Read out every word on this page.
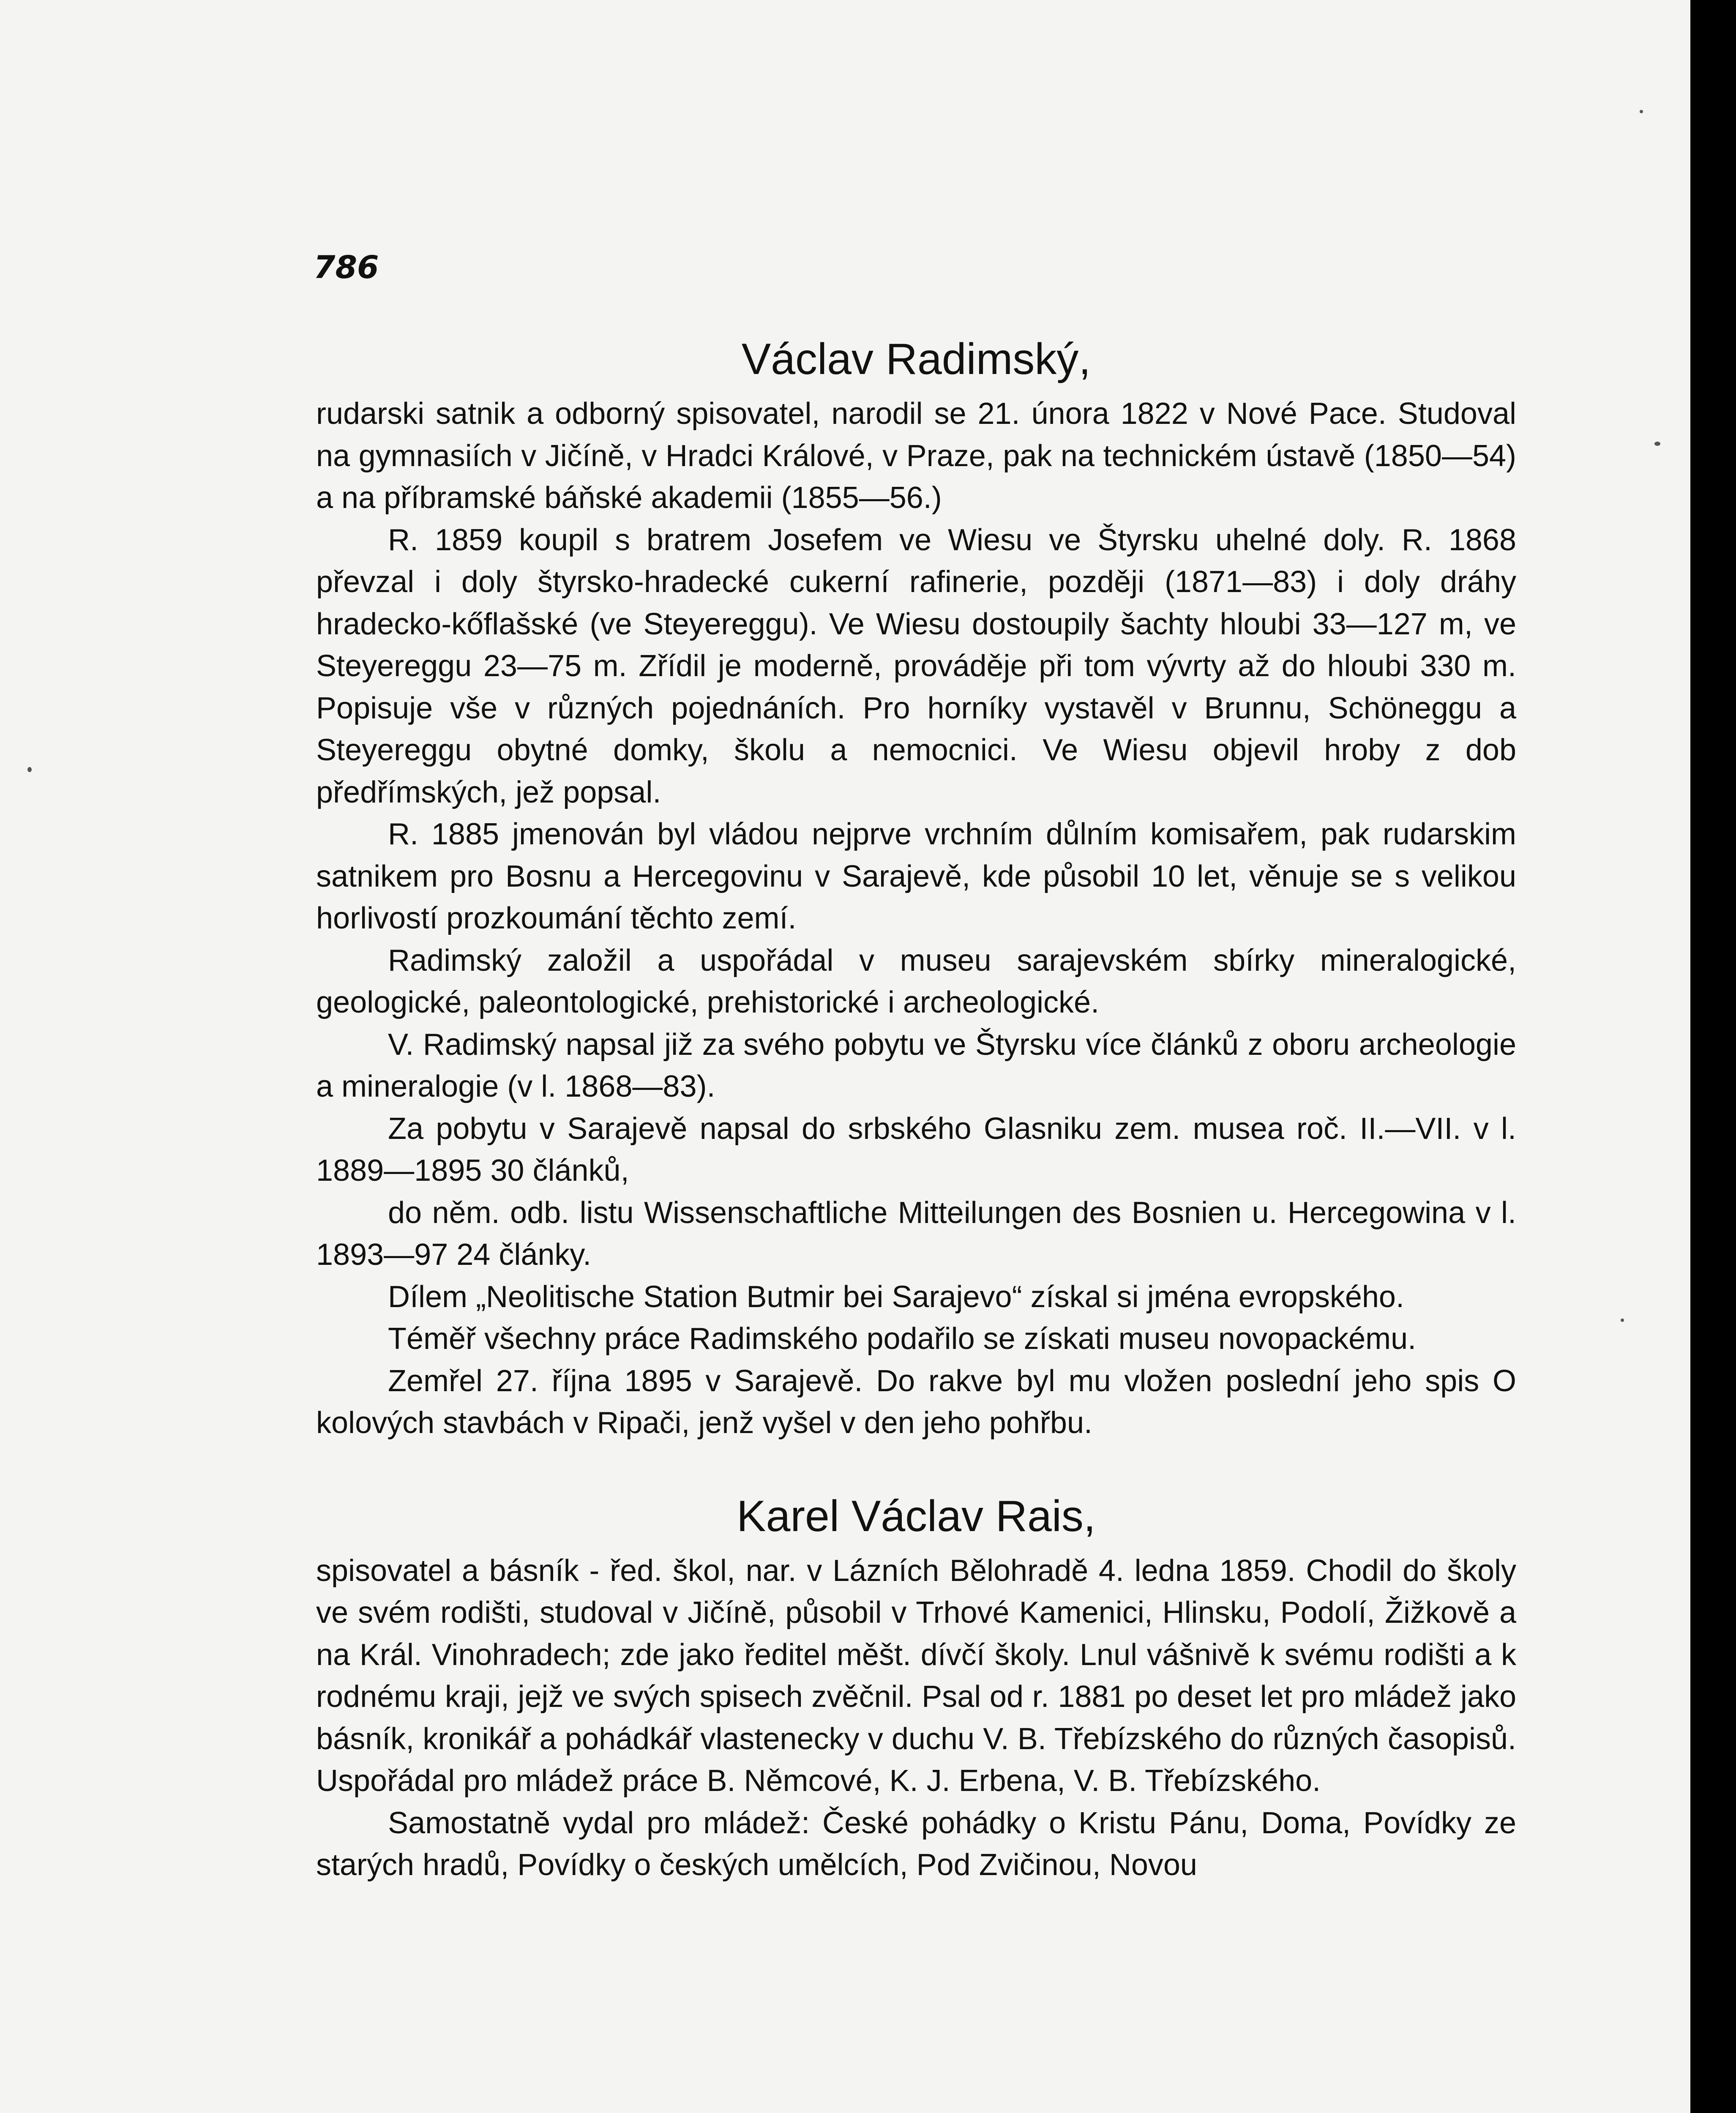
786
Václav Radimský,

rudarski satnik a odborný spisovatel, narodil se 21. února 1822 v Nové Pace. Studoval na gymnasiích v Jičíně, v Hradci Králové, v Praze, pak na technickém ústavě (1850—54) a na příbramské báňské akademii (1855—56.)

R. 1859 koupil s bratrem Josefem ve Wiesu ve Štyrsku uhelné doly. R. 1868 převzal i doly štyrsko-hradecké cukerní rafinerie, později (1871—83) i doly dráhy hradecko-kőflašské (ve Steyereggu). Ve Wiesu dostoupily šachty hloubi 33—127 m, ve Steyereggu 23—75 m. Zřídil je moderně, prováděje při tom vývrty až do hloubi 330 m. Popisuje vše v různých pojednáních. Pro horníky vystavěl v Brunnu, Schöneggu a Steyereggu obytné domky, školu a nemocnici. Ve Wiesu objevil hroby z dob předřímských, jež popsal.

R. 1885 jmenován byl vládou nejprve vrchním důlním komisařem, pak rudarskim satnikem pro Bosnu a Hercegovinu v Sarajevě, kde působil 10 let, věnuje se s velikou horlivostí prozkoumání těchto zemí.

Radimský založil a uspořádal v museu sarajevském sbírky mineralogické, geologické, paleontologické, prehistorické i archeologické.

V. Radimský napsal již za svého pobytu ve Štyrsku více článků z oboru archeologie a mineralogie (v l. 1868—83).

Za pobytu v Sarajevě napsal do srbského Glasniku zem. musea roč. II.—VII. v l. 1889—1895 30 článků,

do něm. odb. listu Wissenschaftliche Mitteilungen des Bosnien u. Hercegowina v l. 1893—97 24 články.

Dílem „Neolitische Station Butmir bei Sarajevo“ získal si jména evropského.

Téměř všechny práce Radimského podařilo se získati museu novopackému.

Zemřel 27. října 1895 v Sarajevě. Do rakve byl mu vložen poslední jeho spis O kolových stavbách v Ripači, jenž vyšel v den jeho pohřbu.

Karel Václav Rais,

spisovatel a básník - řed. škol, nar. v Lázních Bělohradě 4. ledna 1859. Chodil do školy ve svém rodišti, studoval v Jičíně, působil v Trhové Kamenici, Hlinsku, Podolí, Žižkově a na Král. Vinohradech; zde jako ředitel měšt. dívčí školy. Lnul vášnivě k svému rodišti a k rodnému kraji, jejž ve svých spisech zvěčnil. Psal od r. 1881 po deset let pro mládež jako básník, kronikář a pohádkář vlastenecky v duchu V. B. Třebízského do různých časopisů. Uspořádal pro mládež práce B. Němcové, K. J. Erbena, V. B. Třebízského.

Samostatně vydal pro mládež: České pohádky o Kristu Pánu, Doma, Povídky ze starých hradů, Povídky o českých umělcích, Pod Zvičinou, Novou
